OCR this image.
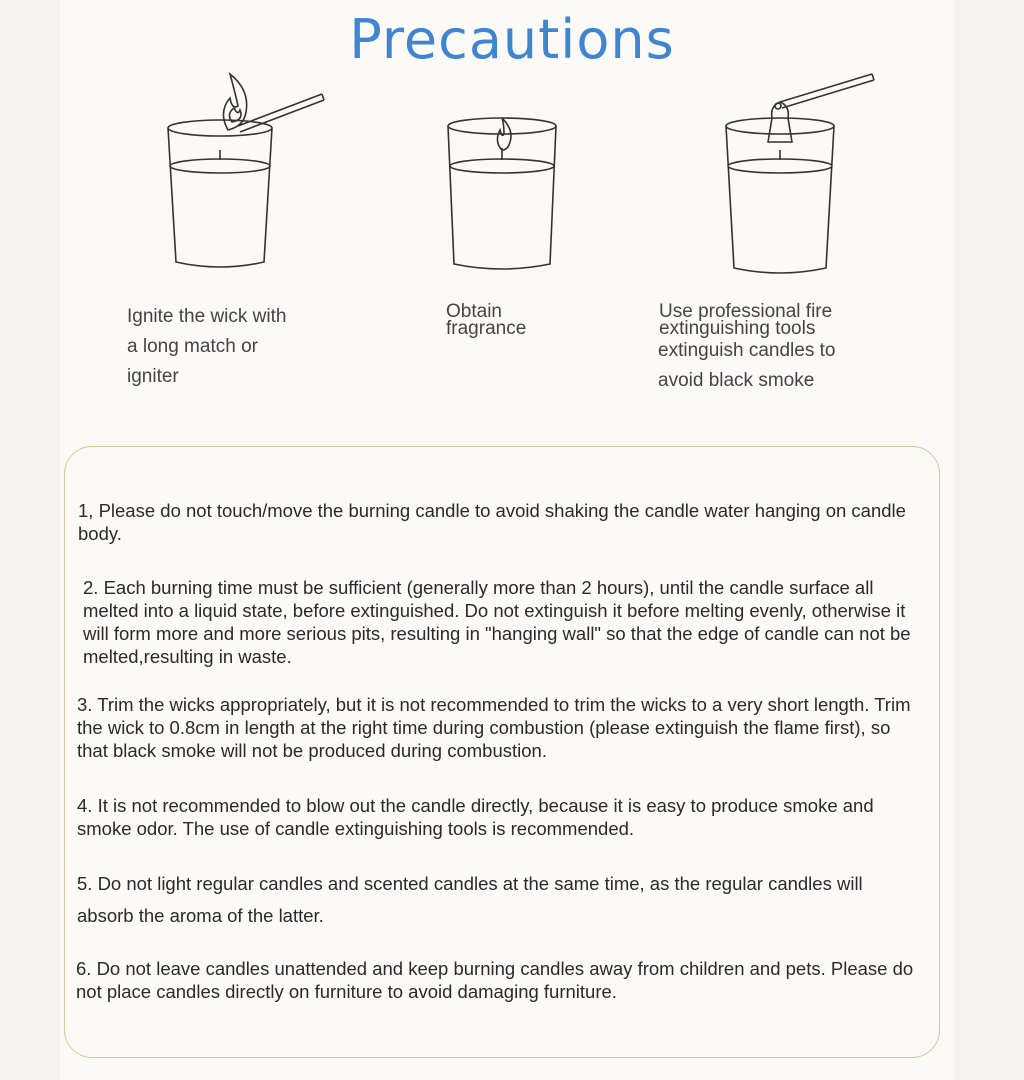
Precautions
Ignite the wick with
a long match or
igniter
Obtain
fragrance
Use professional fire
extinguishing tools
extinguish candles to
avoid black smoke
1, Please do not touch/move the burning candle to avoid shaking the candle water hanging on candle body.
2. Each burning time must be sufficient (generally more than 2 hours), until the candle surface all melted into a liquid state, before extinguished. Do not extinguish it before melting evenly, otherwise it will form more and more serious pits, resulting in "hanging wall" so that the edge of candle can not be melted,resulting in waste.
3. Trim the wicks appropriately, but it is not recommended to trim the wicks to a very short length. Trim the wick to 0.8cm in length at the right time during combustion (please extinguish the flame first), so that black smoke will not be produced during combustion.
4. It is not recommended to blow out the candle directly, because it is easy to produce smoke and smoke odor. The use of candle extinguishing tools is recommended.
5. Do not light regular candles and scented candles at the same time, as the regular candles will absorb the aroma of the latter.
6. Do not leave candles unattended and keep burning candles away from children and pets. Please do not place candles directly on furniture to avoid damaging furniture.
